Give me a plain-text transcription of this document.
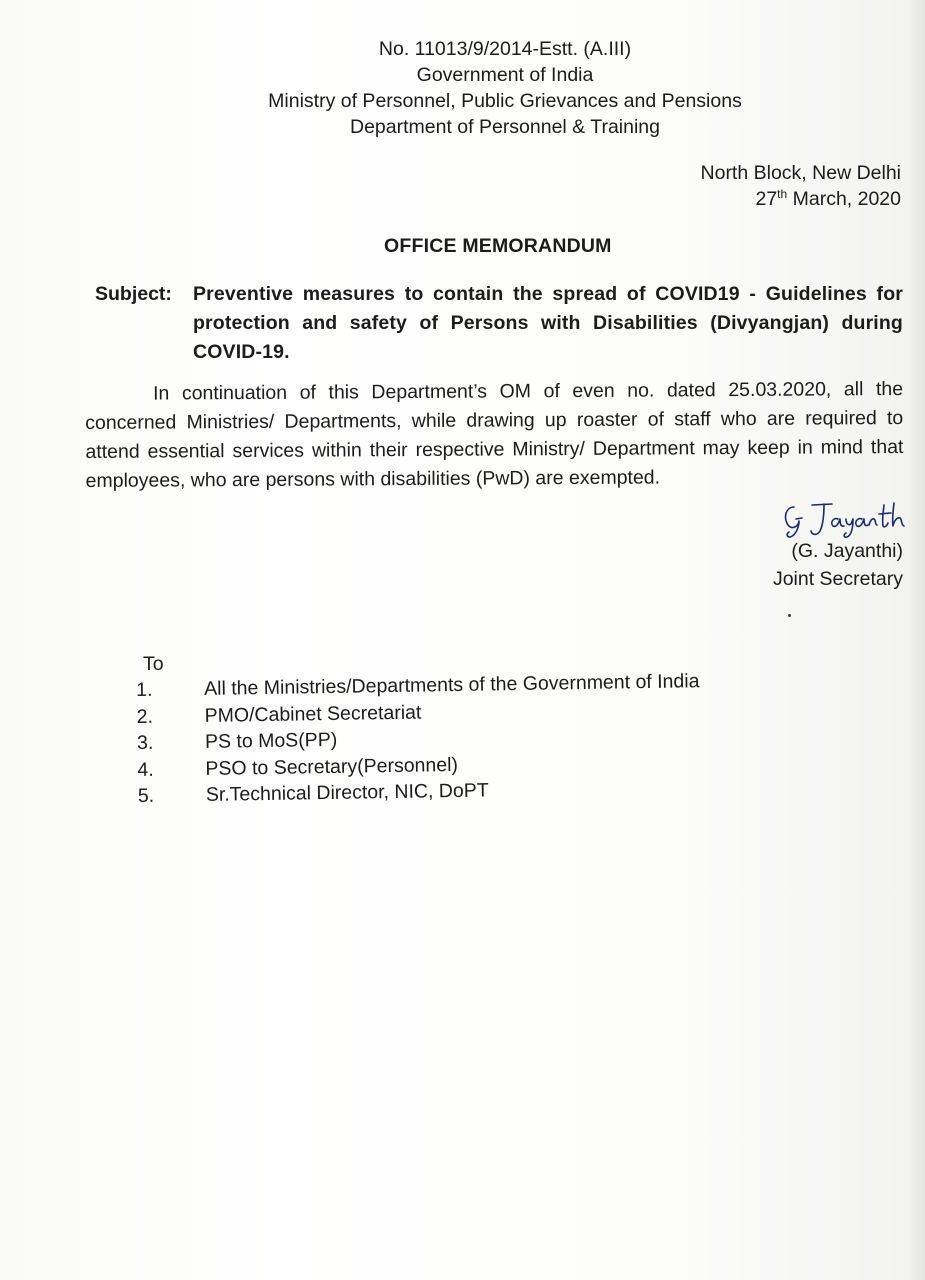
No. 11013/9/2014-Estt. (A.III)
Government of India
Ministry of Personnel, Public Grievances and Pensions
Department of Personnel & Training
North Block, New Delhi
27th March, 2020
OFFICE MEMORANDUM
Subject: Preventive measures to contain the spread of COVID19 - Guidelines for protection and safety of Persons with Disabilities (Divyangjan) during COVID-19.
In continuation of this Department’s OM of even no. dated 25.03.2020, all the concerned Ministries/ Departments, while drawing up roaster of staff who are required to attend essential services within their respective Ministry/ Department may keep in mind that employees, who are persons with disabilities (PwD) are exempted.
(G. Jayanthi)
Joint Secretary
To
1.	All the Ministries/Departments of the Government of India
2.	PMO/Cabinet Secretariat
3.	PS to MoS(PP)
4.	PSO to Secretary(Personnel)
5.	Sr.Technical Director, NIC, DoPT
